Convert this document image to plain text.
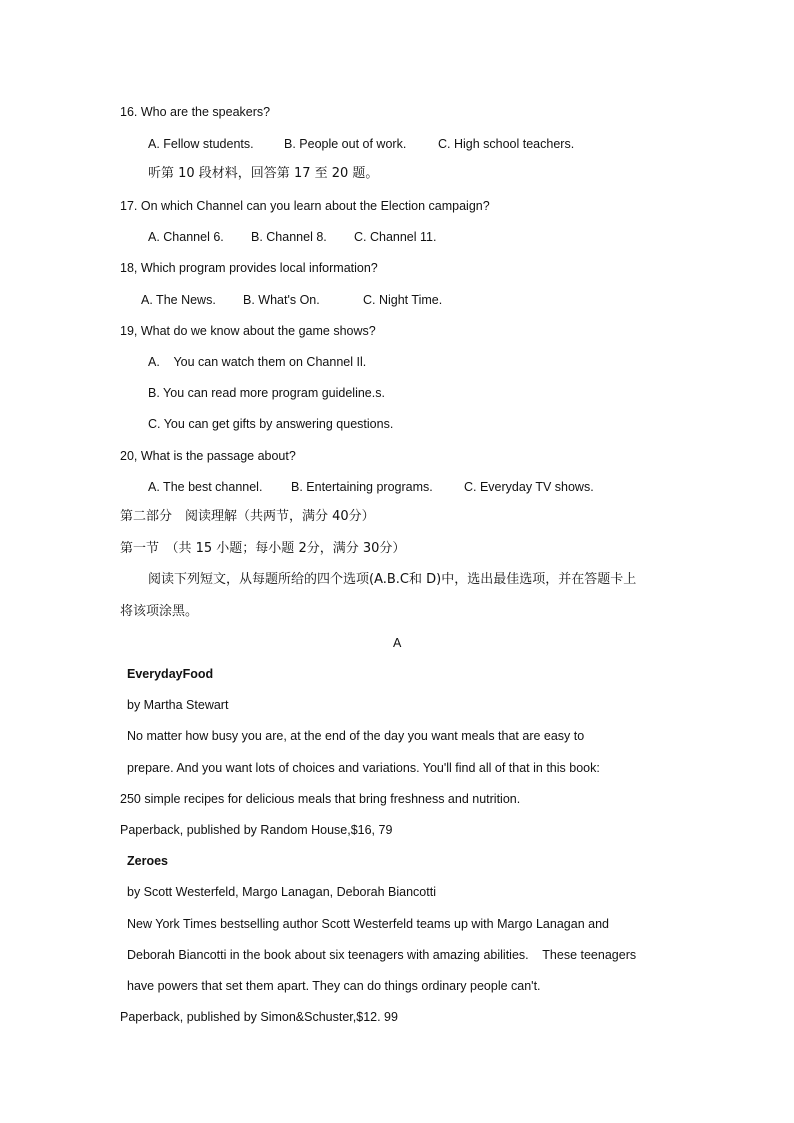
16. Who are the speakers?
A. Fellow students. B. People out of work.	C. High school teachers.
听第 10 段材料，回答第 17 至 20 题。
17. On which Channel can you learn about the Election campaign?
A. Channel 6. B. Channel 8. C. Channel 11.
18, Which program provides local information?
A. The News. B. What's On.	C. Night Time.
19, What do we know about the game shows?
A.    You can watch them on Channel Il.
B. You can read more program guideline.s.
C. You can get gifts by answering questions.
20, What is the passage about?
A. The best channel. B. Entertaining programs.	C. Everyday TV shows.
第二部分　阅读理解（共两节，满分 40分）
第一节　（共 15 小题；每小题 2分，满分 30分）
阅读下列短文，从每题所给的四个选项(A.B.C和 D)中，选出最佳选项，并在答题卡上
将该项涂黑。
A
EverydayFood
by Martha Stewart
No matter how busy you are, at the end of the day you want meals that are easy to
prepare. And you want lots of choices and variations. You'll find all of that in this book:
250 simple recipes for delicious meals that bring freshness and nutrition.
Paperback, published by Random House,$16, 79
Zeroes
by Scott Westerfeld, Margo Lanagan, Deborah Biancotti
New York Times bestselling author Scott Westerfeld teams up with Margo Lanagan and
Deborah Biancotti in the book about six teenagers with amazing abilities.    These teenagers
have powers that set them apart. They can do things ordinary people can't.
Paperback, published by Simon&Schuster,$12. 99
